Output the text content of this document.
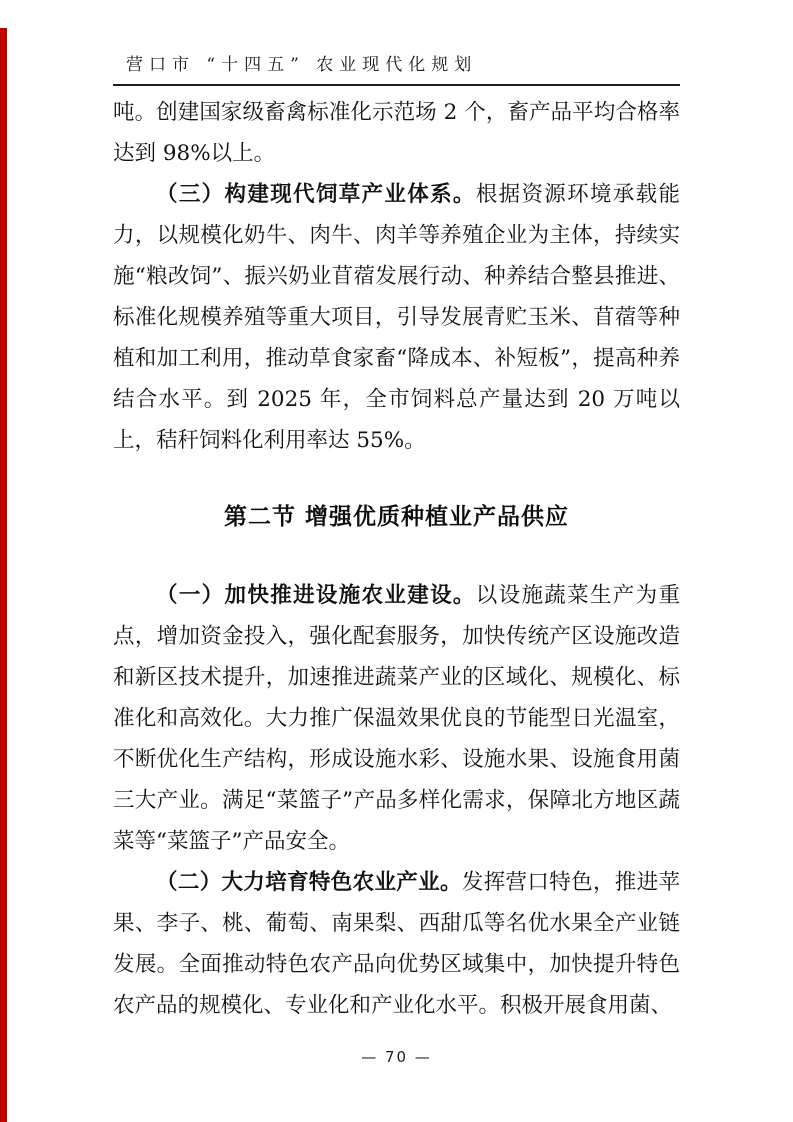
营口市 “十四五” 农业现代化规划

吨。创建国家级畜禽标准化示范场 2 个，畜产品平均合格率达到 98%以上。

（三）构建现代饲草产业体系。根据资源环境承载能力，以规模化奶牛、肉牛、肉羊等养殖企业为主体，持续实施“粮改饲”、振兴奶业苜蓿发展行动、种养结合整县推进、标准化规模养殖等重大项目，引导发展青贮玉米、苜蓿等种植和加工利用，推动草食家畜“降成本、补短板”，提高种养结合水平。到 2025 年，全市饲料总产量达到 20 万吨以上，秸秆饲料化利用率达 55%。

第二节 增强优质种植业产品供应

（一）加快推进设施农业建设。以设施蔬菜生产为重点，增加资金投入，强化配套服务，加快传统产区设施改造和新区技术提升，加速推进蔬菜产业的区域化、规模化、标准化和高效化。大力推广保温效果优良的节能型日光温室，不断优化生产结构，形成设施水彩、设施水果、设施食用菌三大产业。满足“菜篮子”产品多样化需求，保障北方地区蔬菜等“菜篮子”产品安全。

（二）大力培育特色农业产业。发挥营口特色，推进苹果、李子、桃、葡萄、南果梨、西甜瓜等名优水果全产业链发展。全面推动特色农产品向优势区域集中，加快提升特色农产品的规模化、专业化和产业化水平。积极开展食用菌、

— 70 —
